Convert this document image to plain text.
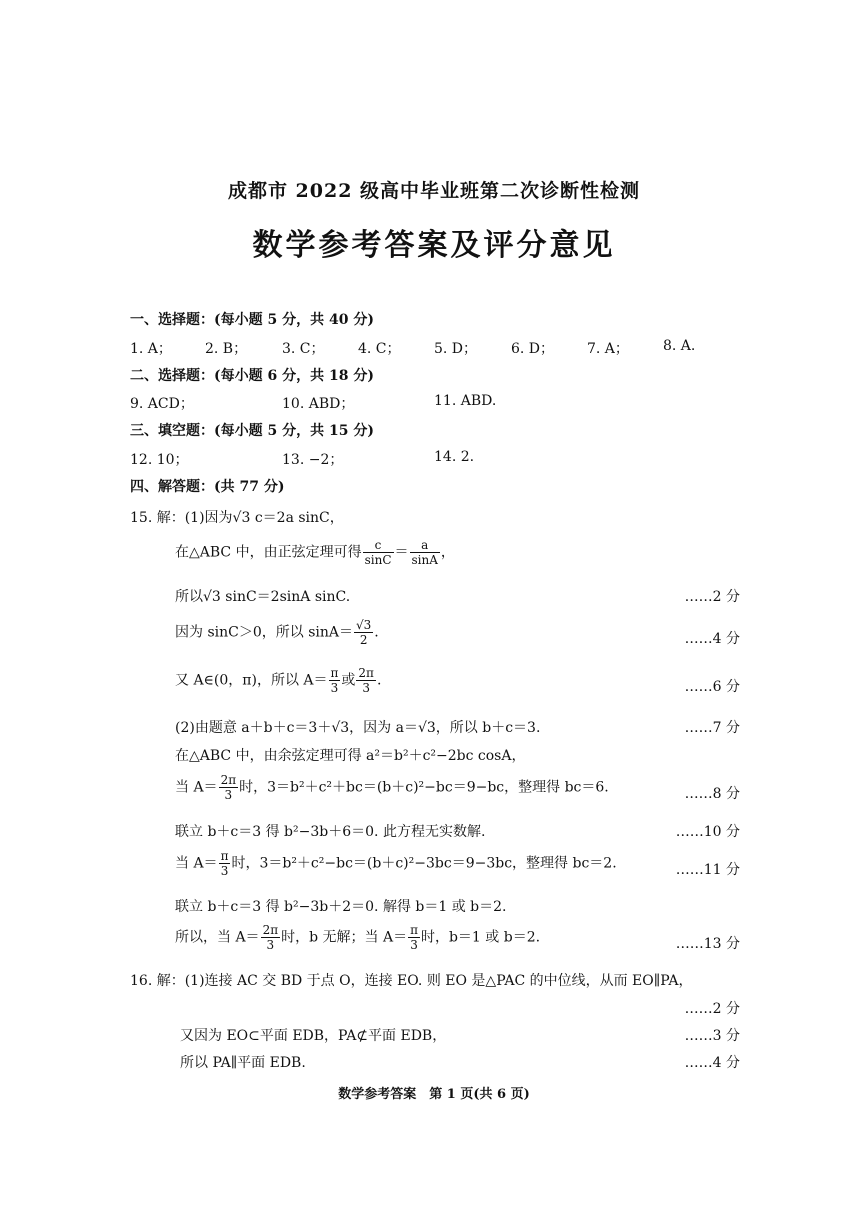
成都市 2022 级高中毕业班第二次诊断性检测
数学参考答案及评分意见
一、选择题：(每小题 5 分，共 40 分)
1. A； 2. B； 3. C； 4. C； 5. D； 6. D； 7. A； 8. A.
二、选择题：(每小题 6 分，共 18 分)
9. ACD；	10. ABD；	11. ABD.
三、填空题：(每小题 5 分，共 15 分)
12. 10；	13. −2；	14. 2.
四、解答题：(共 77 分)
15. 解：(1)因为√3 c＝2a sinC，
在△ABC 中，由正弦定理可得 $\frac{c}{\sin C} = \frac{a}{\sin A}$ ，
所以√3 sinC＝2sinA sinC.	……2 分
因为 sinC＞0，所以 $\sin A= \frac{√3}{2}$ .	……4 分
又 A∈(0，π)，所以 $A= \frac{\pi}{3}$ 或 $\frac{2\pi}{3}$ .	……6 分
(2)由题意 a＋b＋c＝3＋√3，因为 a＝√3，所以 b＋c＝3.	……7 分
在△ABC 中，由余弦定理可得 a²＝b²＋c²−2bc cosA，
当 $A= \frac{2\pi}{3}$ 时，3＝b²＋c²＋bc＝(b＋c)²−bc＝9−bc，整理得 bc＝6.	……8 分
联立 b＋c＝3 得 b²−3b＋6＝0. 此方程无实数解.	……10 分
当 $A= \frac{\pi}{3}$ 时，3＝b²＋c²−bc＝(b＋c)²−3bc＝9−3bc，整理得 bc＝2.	……11 分
联立 b＋c＝3 得 b²−3b＋2＝0. 解得 b＝1 或 b＝2.
所以，当 $A= \frac{2\pi}{3}$ 时，b 无解；当 $A= \frac{\pi}{3}$ 时，b＝1 或 b＝2.	……13 分
16. 解：(1)连接 AC 交 BD 于点 O，连接 EO. 则 EO 是△PAC 的中位线，从而 EO∥PA，
……2 分
又因为 EO⊂平面 EDB，PA⊄平面 EDB，	……3 分
所以 PA∥平面 EDB.	……4 分
数学参考答案　第 1 页(共 6 页)
